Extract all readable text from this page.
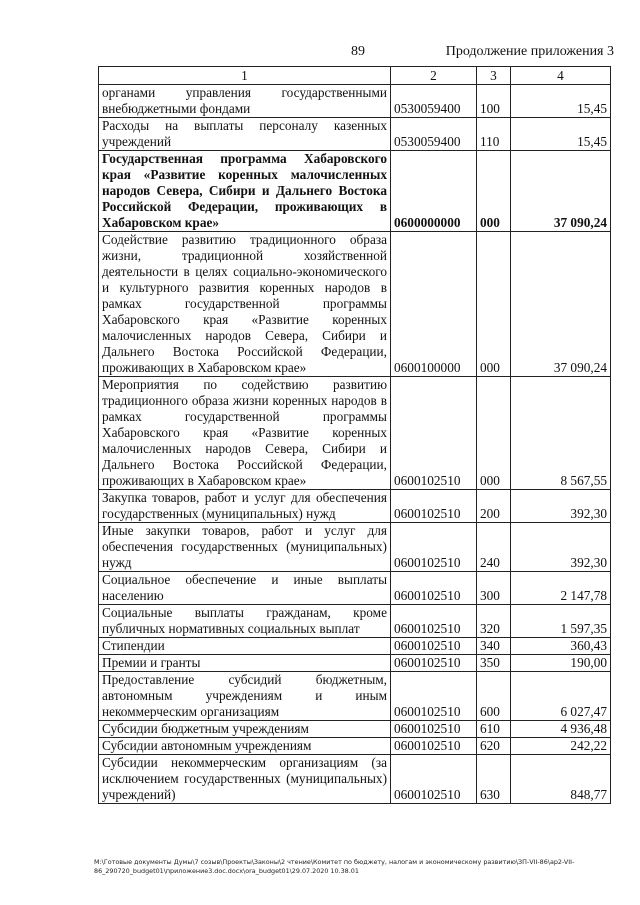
89	Продолжение приложения 3
1	2	3	4
органами управления государственными внебюджетными фондами	0530059400	100	15,45
Расходы на выплаты персоналу казенных учреждений	0530059400	110	15,45
Государственная программа Хабаровского края «Развитие коренных малочисленных народов Севера, Сибири и Дальнего Востока Российской Федерации, проживающих в Хабаровском крае»	0600000000	000	37 090,24
Содействие развитию традиционного образа жизни, традиционной хозяйственной деятельности в целях социально-экономического и культурного развития коренных народов в рамках государственной программы Хабаровского края «Развитие коренных малочисленных народов Севера, Сибири и Дальнего Востока Российской Федерации, проживающих в Хабаровском крае»	0600100000	000	37 090,24
Мероприятия по содействию развитию традиционного образа жизни коренных народов в рамках государственной программы Хабаровского края «Развитие коренных малочисленных народов Севера, Сибири и Дальнего Востока Российской Федерации, проживающих в Хабаровском крае»	0600102510	000	8 567,55
Закупка товаров, работ и услуг для обеспечения государственных (муниципальных) нужд	0600102510	200	392,30
Иные закупки товаров, работ и услуг для обеспечения государственных (муниципальных) нужд	0600102510	240	392,30
Социальное обеспечение и иные выплаты населению	0600102510	300	2 147,78
Социальные выплаты гражданам, кроме публичных нормативных социальных выплат	0600102510	320	1 597,35
Стипендии	0600102510	340	360,43
Премии и гранты	0600102510	350	190,00
Предоставление субсидий бюджетным, автономным учреждениям и иным некоммерческим организациям	0600102510	600	6 027,47
Субсидии бюджетным учреждениям	0600102510	610	4 936,48
Субсидии автономным учреждениям	0600102510	620	242,22
Субсидии некоммерческим организациям (за исключением государственных (муниципальных) учреждений)	0600102510	630	848,77
M:\Готовые документы Думы\7 созыв\Проекты\Законы\2 чтение\Комитет по бюджету, налогам и экономическому развитию\ЗП-VII-86\ap2-VII-86_290720_budget01\приложение3.doc.docx\ora_budget01\29.07.2020 10.38.01
